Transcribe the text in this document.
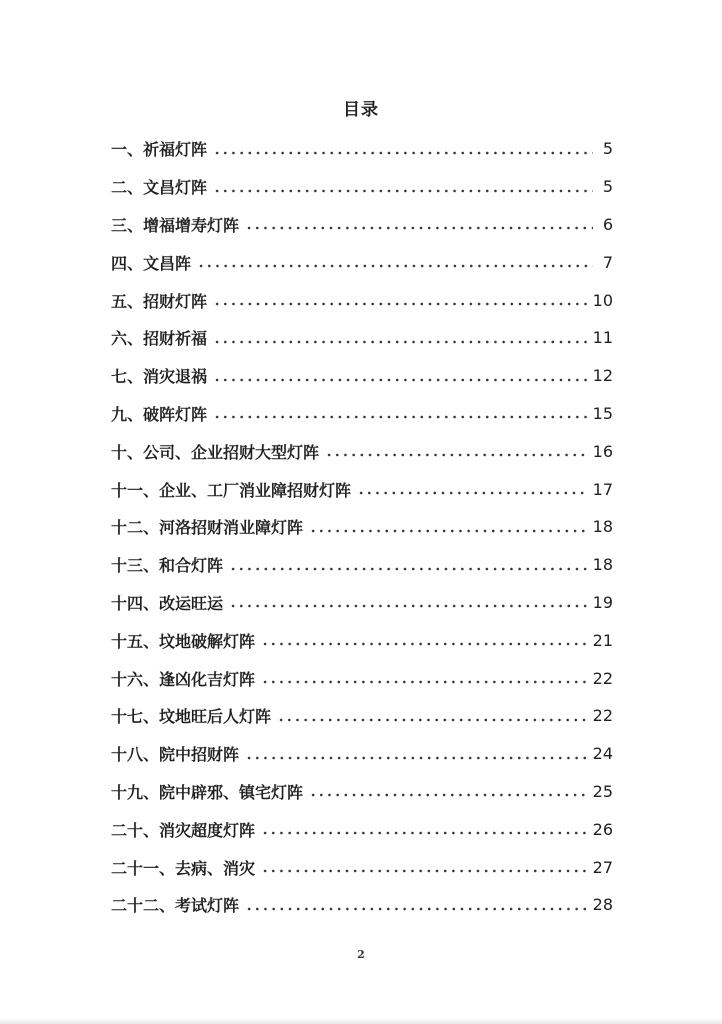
目录
一、祈福灯阵	5
二、文昌灯阵	5
三、增福增寿灯阵	6
四、文昌阵	7
五、招财灯阵	10
六、招财祈福	11
七、消灾退祸	12
九、破阵灯阵	15
十、公司、企业招财大型灯阵	16
十一、企业、工厂消业障招财灯阵	17
十二、河洛招财消业障灯阵	18
十三、和合灯阵	18
十四、改运旺运	19
十五、坟地破解灯阵	21
十六、逢凶化吉灯阵	22
十七、坟地旺后人灯阵	22
十八、院中招财阵	24
十九、院中辟邪、镇宅灯阵	25
二十、消灾超度灯阵	26
二十一、去病、消灾	27
二十二、考试灯阵	28
2
